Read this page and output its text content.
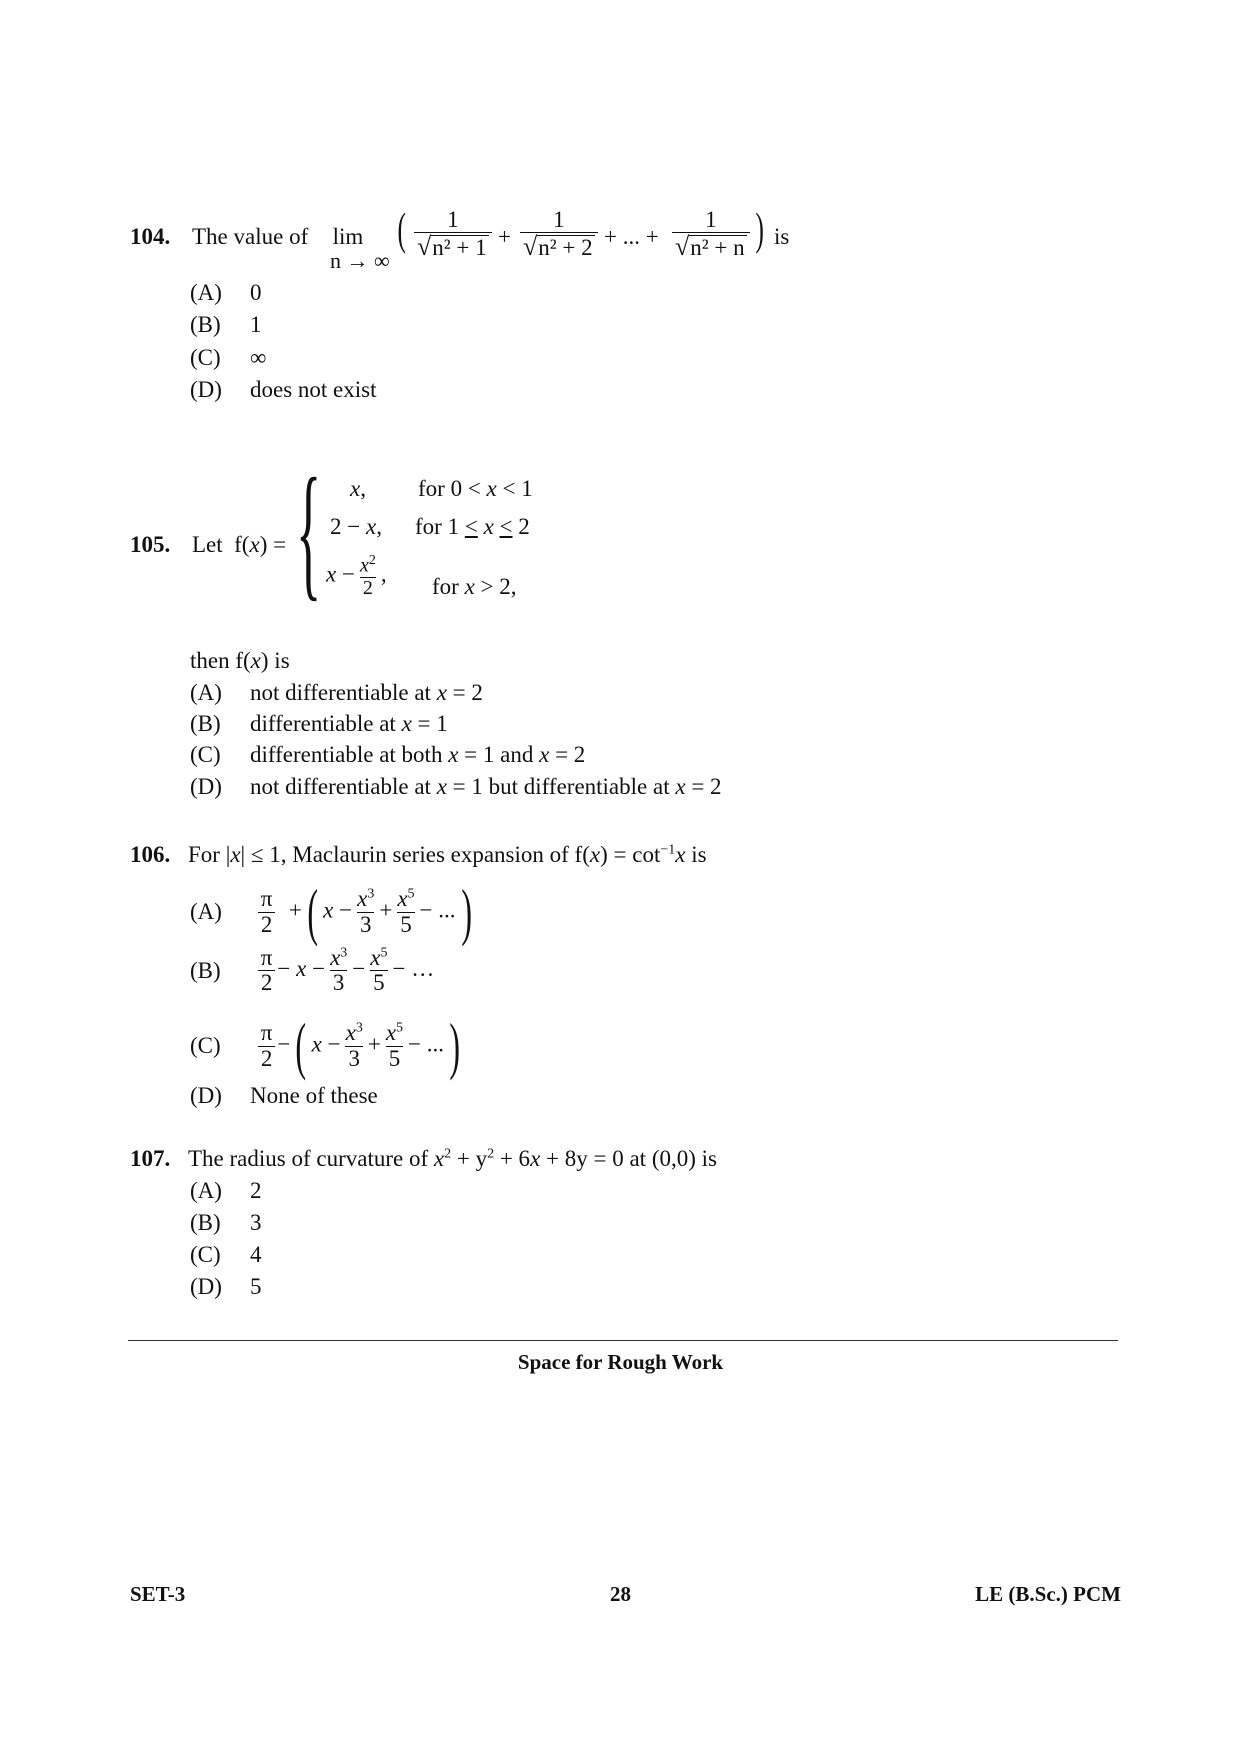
104. The value of	lim
n → ∞
( $\frac{1}{\text{√n² + 1}} + \frac{1}{\text{√n² + 2}}$ + ... + $\frac{1}{\text{√n² + n}}$ ) is
(A) 0
(B) 1
(C) ∞
(D) does not exist
105. Let  f(x) = { x, for 0 < x < 1
2 − x, for 1 < x < 2
$x - \frac{x^2}{2}$ , for x > 2,
then f(x) is
(A) not differentiable at x = 2
(B) differentiable at x = 1
(C) differentiable at both x = 1 and x = 2
(D) not differentiable at x = 1 but differentiable at x = 2
106. For |x| ≤ 1, Maclaurin series expansion of $f(x) = \cot^{-1}x$ is
$(A) \frac{\pi}{2}$ +( $x - \frac{x^3}{3} + \frac{x^5}{5}$ − ...)
$(B) \frac{\pi}{2} - x - \frac{x^3}{3} - \frac{x^5}{5}$ − …
$(C) \frac{\pi}{2}$ −( $x - \frac{x^3}{3} + \frac{x^5}{5}$ − ...)
(D) None of these
107. The radius of curvature of $x^2 + y^2 + 6x + 8y = 0$ at (0,0) is
(A) 2
(B) 3
(C) 4
(D) 5
Space for Rough Work
SET-3	28	LE (B.Sc.) PCM
